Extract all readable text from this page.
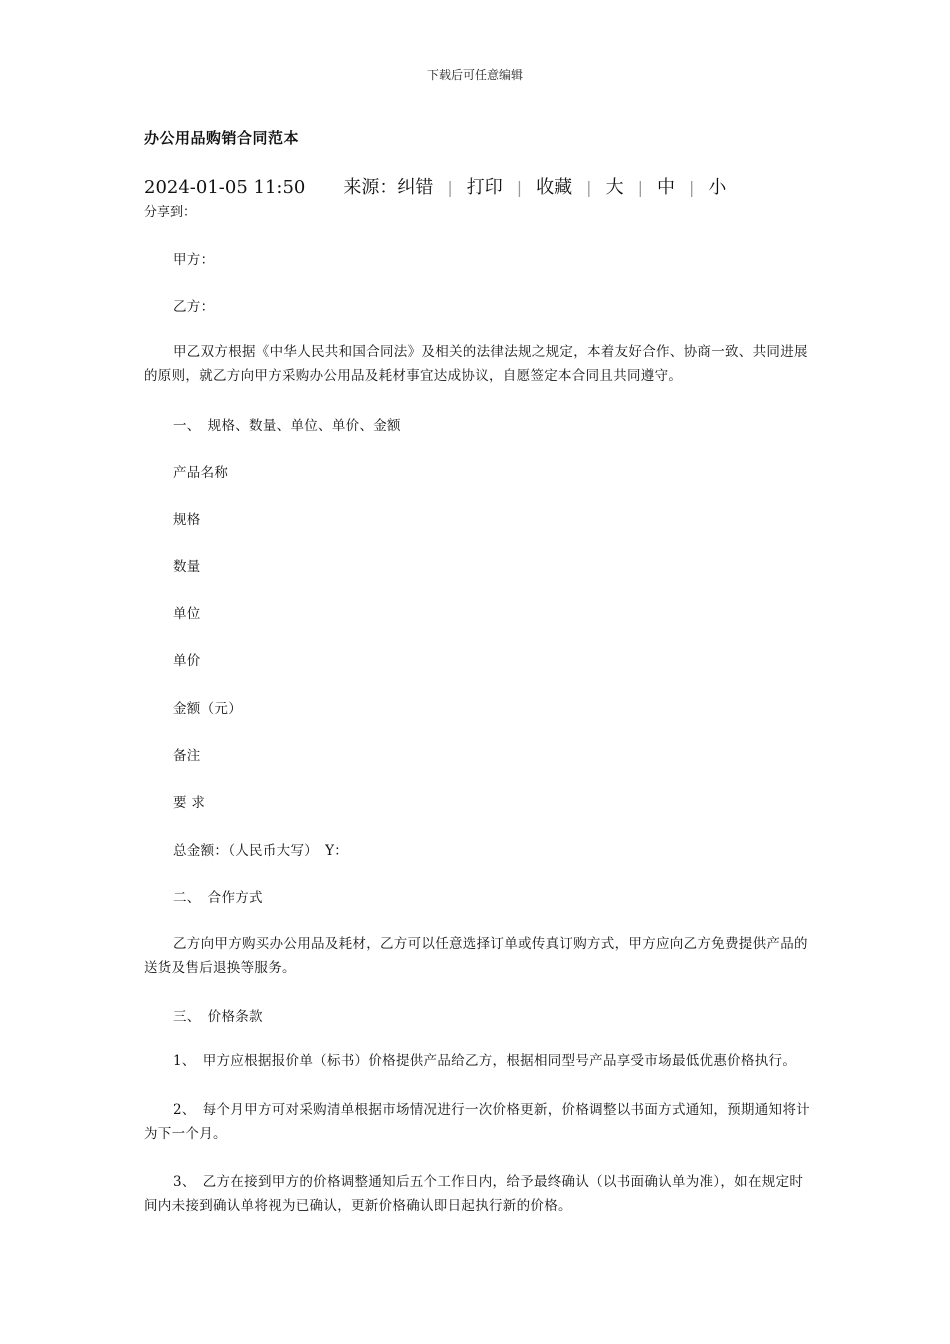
下载后可任意编辑
办公用品购销合同范本
2024-01-05 11:50 来源：纠错 | 打印 | 收藏 | 大 | 中 | 小
分享到：
甲方：
乙方：
甲乙双方根据《中华人民共和国合同法》及相关的法律法规之规定，本着友好合作、协商一致、共同进展的原则，就乙方向甲方采购办公用品及耗材事宜达成协议，自愿签定本合同且共同遵守。
一、　规格、数量、单位、单价、金额
产品名称
规格
数量
单位
单价
金额（元）
备注
要 求
总金额：（人民币大写）　Y：
二、　合作方式
乙方向甲方购买办公用品及耗材，乙方可以任意选择订单或传真订购方式，甲方应向乙方免费提供产品的送货及售后退换等服务。
三、　价格条款
1、　甲方应根据报价单（标书）价格提供产品给乙方，根据相同型号产品享受市场最低优惠价格执行。
2、　每个月甲方可对采购清单根据市场情况进行一次价格更新，价格调整以书面方式通知，预期通知将计为下一个月。
3、　乙方在接到甲方的价格调整通知后五个工作日内，给予最终确认（以书面确认单为准），如在规定时间内未接到确认单将视为已确认，更新价格确认即日起执行新的价格。
